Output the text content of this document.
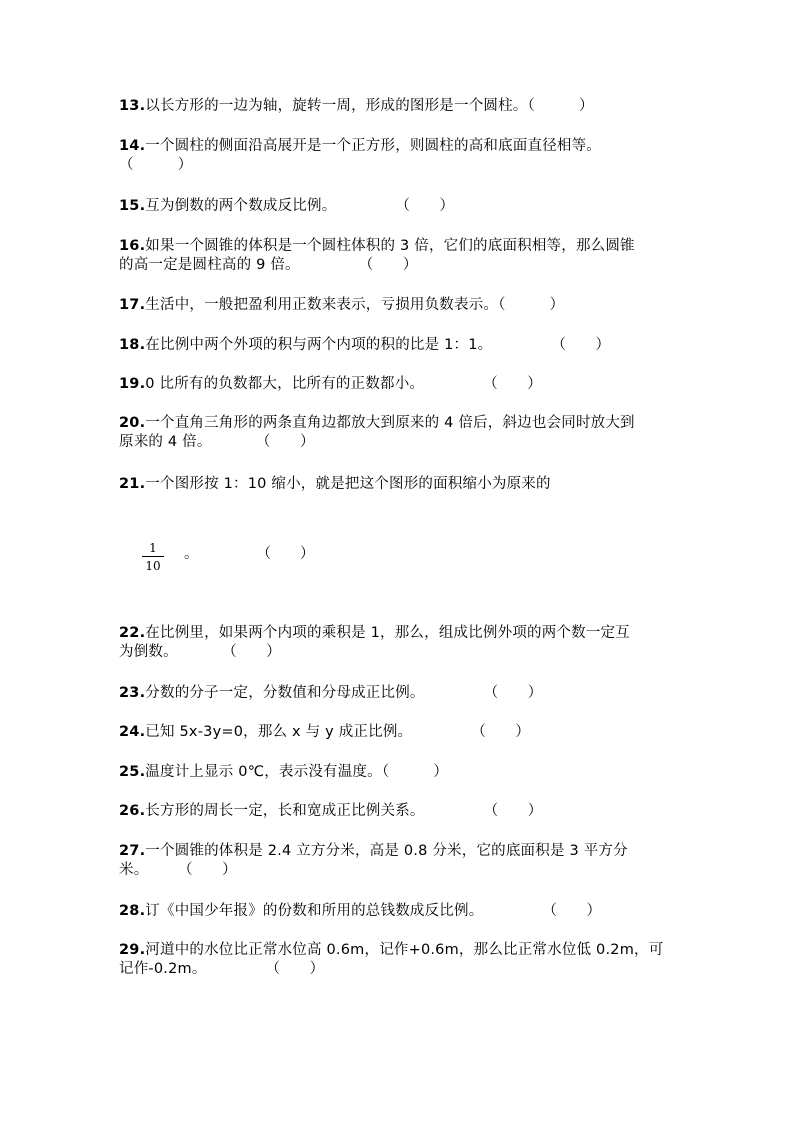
13.以长方形的一边为轴，旋转一周，形成的图形是一个圆柱。（　　　）
14.一个圆柱的侧面沿高展开是一个正方形，则圆柱的高和底面直径相等。
（　　　）
15.互为倒数的两个数成反比例。　　　　　（　　）
16.如果一个圆锥的体积是一个圆柱体积的 3 倍，它们的底面积相等，那么圆锥
的高一定是圆柱高的 9 倍。　　　　　（　　）
17.生活中，一般把盈利用正数来表示，亏损用负数表示。（　　　）
18.在比例中两个外项的积与两个内项的积的比是 1：1。　　　　　（　　）
19.0 比所有的负数都大，比所有的正数都小。　　　　　（　　）
20.一个直角三角形的两条直角边都放大到原来的 4 倍后，斜边也会同时放大到
原来的 4 倍。　　　　（　　）
21.一个图形按 1：10 缩小，就是把这个图形的面积缩小为原来的
1
10
。　　　　　（　　）
22.在比例里，如果两个内项的乘积是 1，那么，组成比例外项的两个数一定互
为倒数。　　　　（　　）
23.分数的分子一定，分数值和分母成正比例。　　　　　（　　）
24.已知 5x-3y=0，那么 x 与 y 成正比例。　　　　　（　　）
25.温度计上显示 0℃，表示没有温度。（　　　）
26.长方形的周长一定，长和宽成正比例关系。　　　　　（　　）
27.一个圆锥的体积是 2.4 立方分米，高是 0.8 分米，它的底面积是 3 平方分
米。　　　（　　）
28.订《中国少年报》的份数和所用的总钱数成反比例。　　　　　（　　）
29.河道中的水位比正常水位高 0.6m，记作+0.6m，那么比正常水位低 0.2m，可
记作-0.2m。　　　　　（　　）
